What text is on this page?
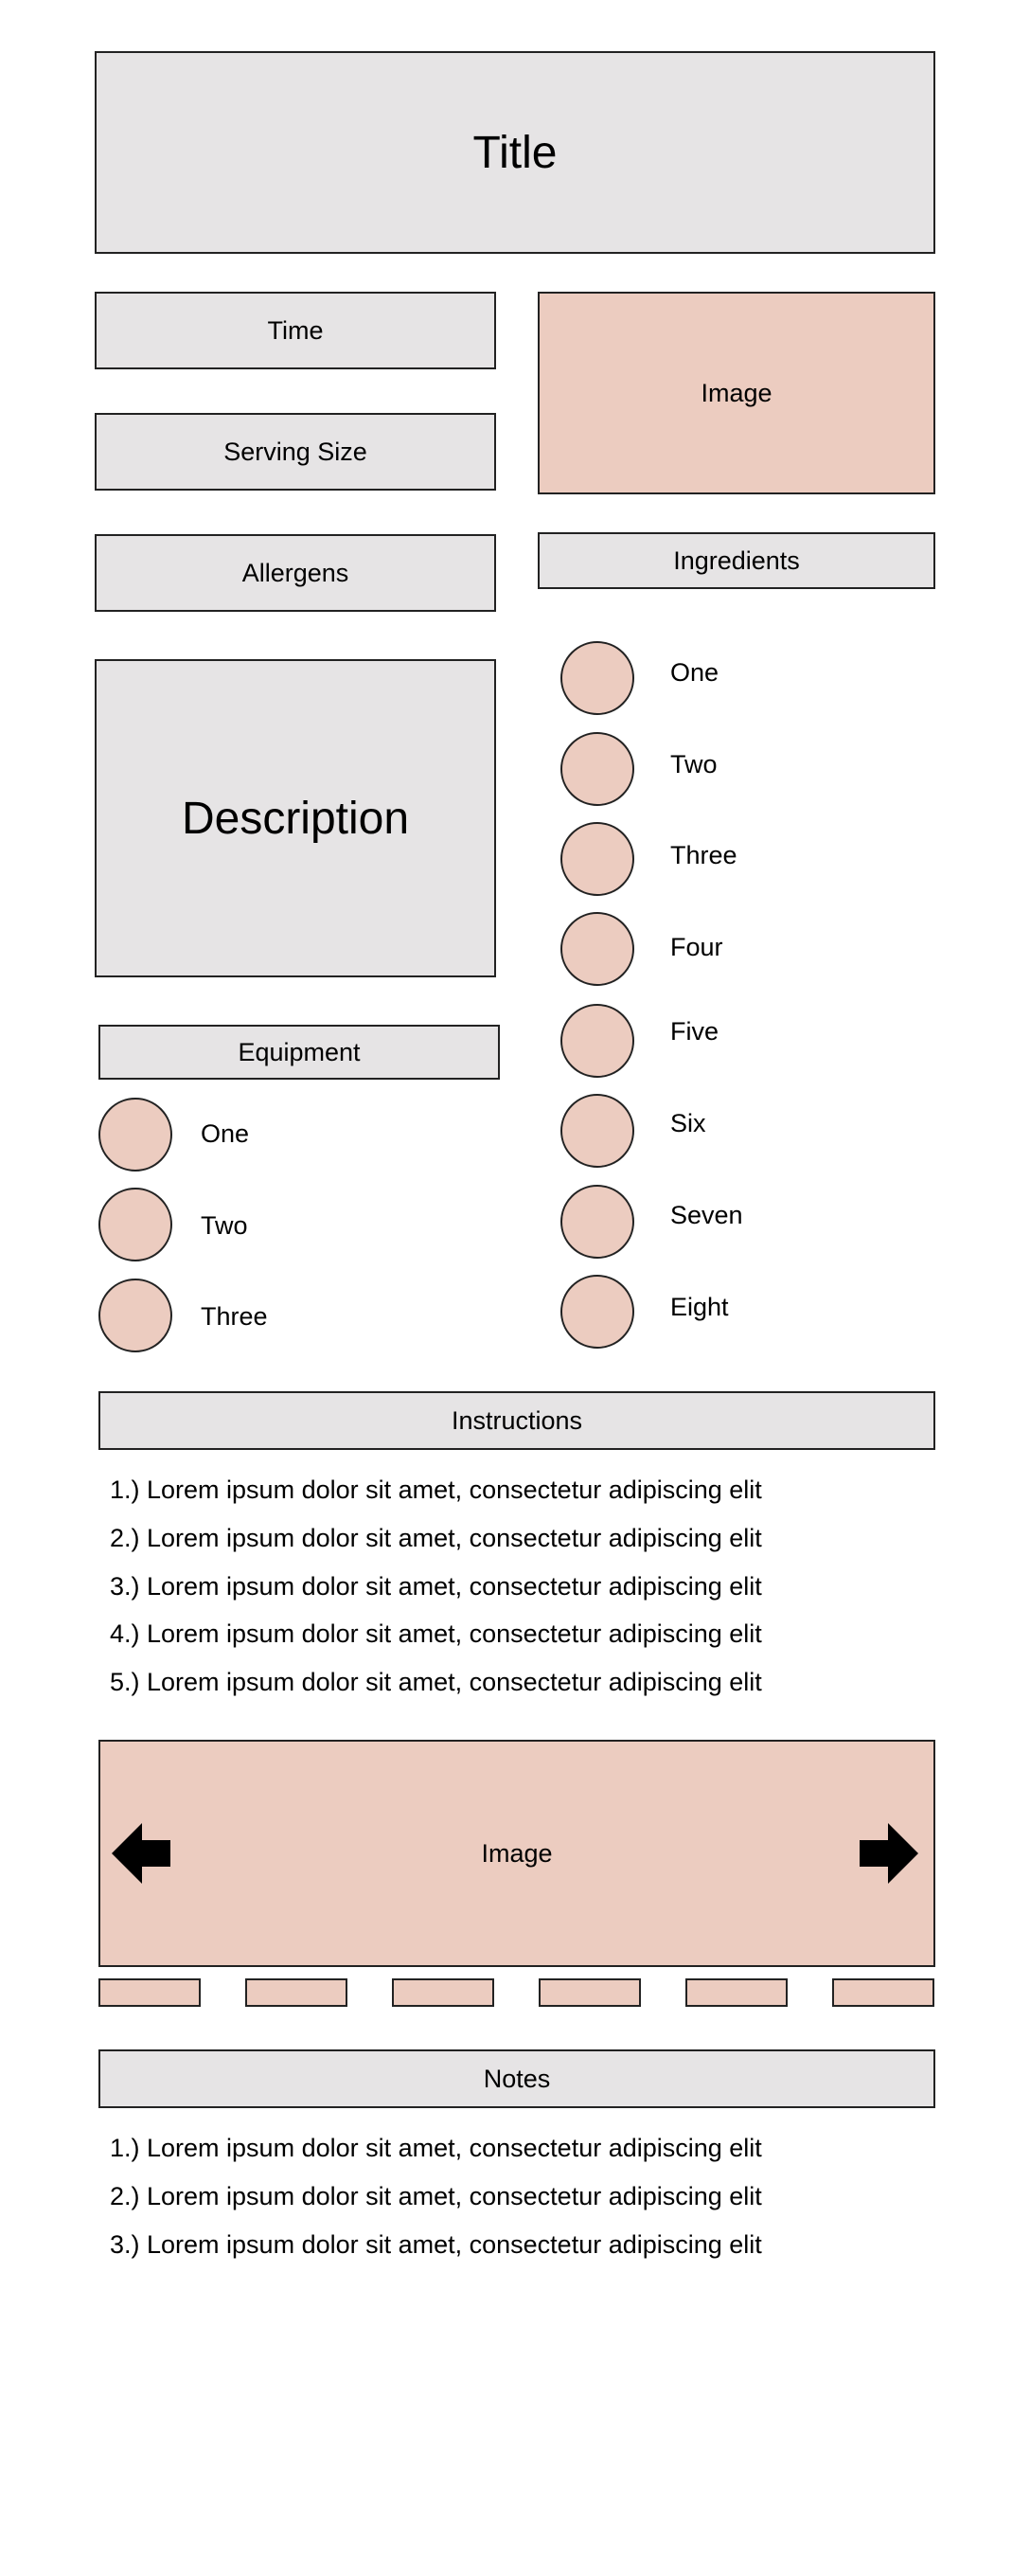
Title
Time
Serving Size
Allergens
Image
Ingredients
Description
One
Two
Three
Four
Five
Six
Seven
Eight
Equipment
One
Two
Three
Instructions
1.) Lorem ipsum dolor sit amet, consectetur adipiscing elit
2.) Lorem ipsum dolor sit amet, consectetur adipiscing elit
3.) Lorem ipsum dolor sit amet, consectetur adipiscing elit
4.) Lorem ipsum dolor sit amet, consectetur adipiscing elit
5.) Lorem ipsum dolor sit amet, consectetur adipiscing elit
Image
Notes
1.) Lorem ipsum dolor sit amet, consectetur adipiscing elit
2.) Lorem ipsum dolor sit amet, consectetur adipiscing elit
3.) Lorem ipsum dolor sit amet, consectetur adipiscing elit
